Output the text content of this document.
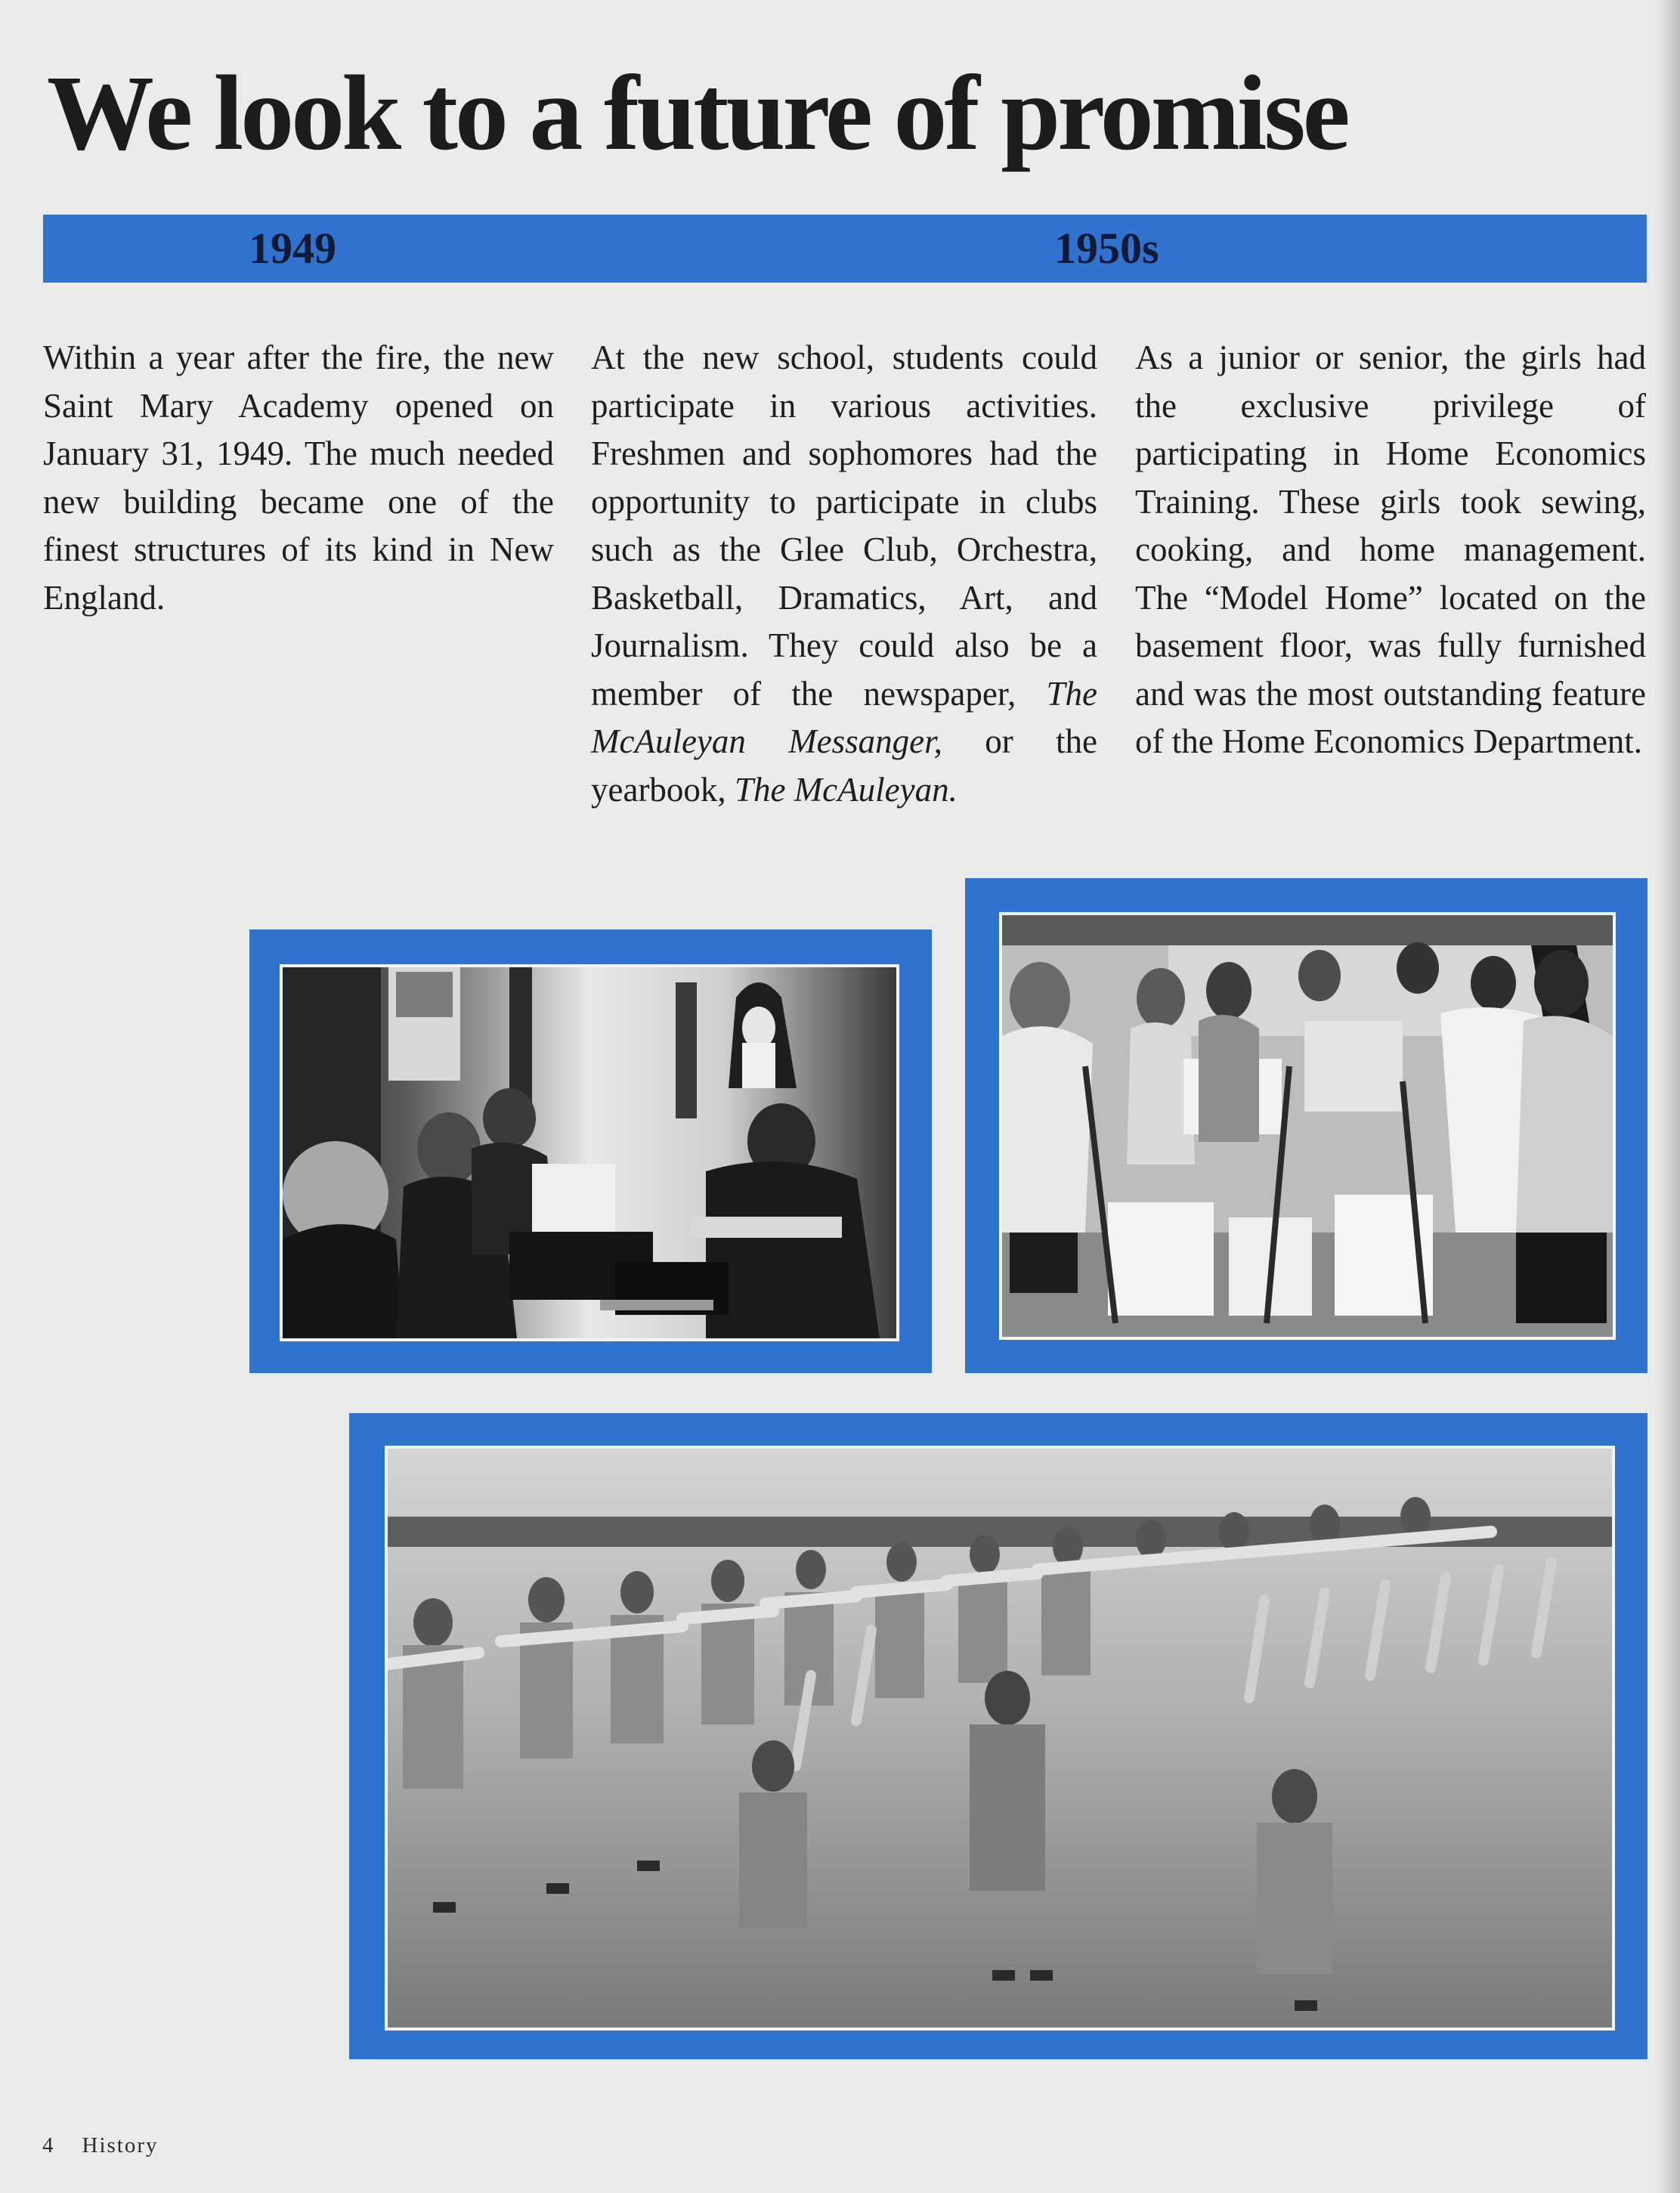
We look to a future of promise
1949	1950s

Within a year after the fire, the new Saint Mary Academy opened on January 31, 1949. The much needed new building became one of the finest structures of its kind in New England.

At the new school, students could participate in various activities. Freshmen and sophomores had the opportunity to participate in clubs such as the Glee Club, Orchestra, Basketball, Dramatics, Art, and Journalism. They could also be a member of the newspaper, The McAuleyan Messanger, or the yearbook, The McAuleyan.

As a junior or senior, the girls had the exclusive privilege of participating in Home Economics Training. These girls took sewing, cooking, and home management. The “Model Home” located on the basement floor, was fully furnished and was the most outstanding feature of the Home Economics Department.

4 History
